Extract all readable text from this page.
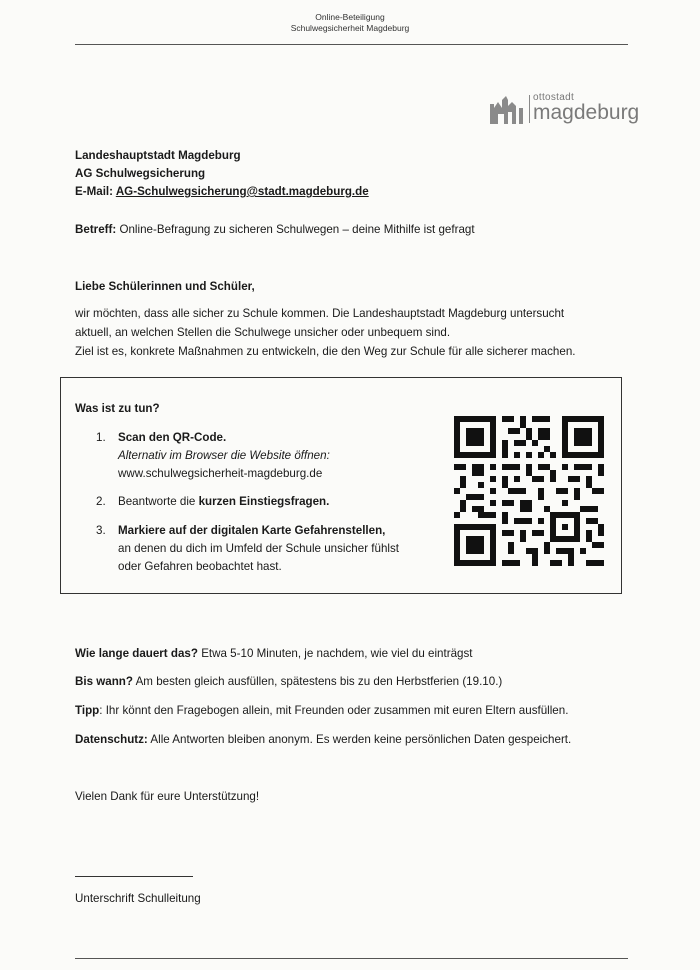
Online-Beteiligung
Schulwegsicherheit Magdeburg
ottostadt
magdeburg
Landeshauptstadt Magdeburg
AG Schulwegsicherung
E-Mail: AG-Schulwegsicherung@stadt.magdeburg.de
Betreff: Online-Befragung zu sicheren Schulwegen – deine Mithilfe ist gefragt
Liebe Schülerinnen und Schüler,
wir möchten, dass alle sicher zu Schule kommen. Die Landeshauptstadt Magdeburg untersucht
aktuell, an welchen Stellen die Schulwege unsicher oder unbequem sind.
Ziel ist es, konkrete Maßnahmen zu entwickeln, die den Weg zur Schule für alle sicherer machen.
Was ist zu tun?
1. Scan den QR-Code.
Alternativ im Browser die Website öffnen:
www.schulwegsicherheit-magdeburg.de
2. Beantworte die kurzen Einstiegsfragen.
3. Markiere auf der digitalen Karte Gefahrenstellen,
an denen du dich im Umfeld der Schule unsicher fühlst
oder Gefahren beobachtet hast.
Wie lange dauert das? Etwa 5-10 Minuten, je nachdem, wie viel du einträgst
Bis wann? Am besten gleich ausfüllen, spätestens bis zu den Herbstferien (19.10.)
Tipp: Ihr könnt den Fragebogen allein, mit Freunden oder zusammen mit euren Eltern ausfüllen.
Datenschutz: Alle Antworten bleiben anonym. Es werden keine persönlichen Daten gespeichert.
Vielen Dank für eure Unterstützung!
Unterschrift Schulleitung
